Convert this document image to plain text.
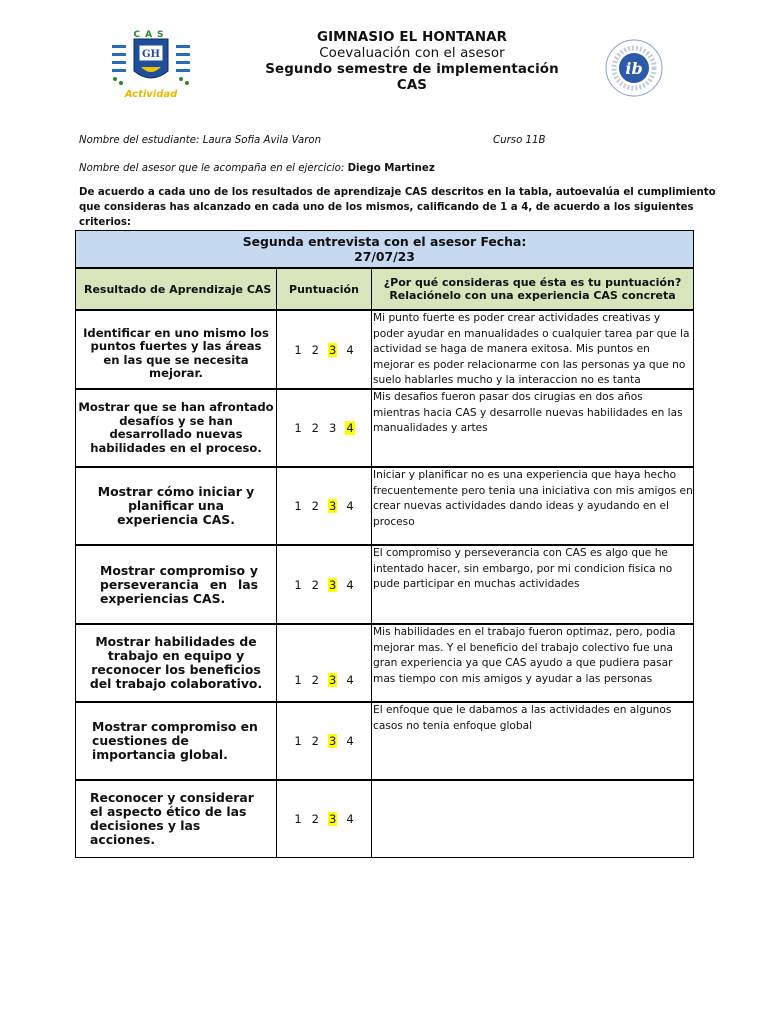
GH
CAS
Actividad
ib
GIMNASIO EL HONTANAR
Coevaluación con el asesor
Segundo semestre de implementación
CAS
Nombre del estudiante: Laura Sofia Avila Varon	Curso 11B
Nombre del asesor que le acompaña en el ejercicio: Diego Martinez
De acuerdo a cada uno de los resultados de aprendizaje CAS descritos en la tabla, autoevalúa el cumplimiento que consideras has alcanzado en cada uno de los mismos, calificando de 1 a 4, de acuerdo a los siguientes criterios:
Segunda entrevista con el asesor Fecha:
27/07/23
Resultado de Aprendizaje CAS Puntuación ¿Por qué consideras que ésta es tu puntuación? Relaciónelo con una experiencia CAS concreta
Identificar en uno mismo los puntos fuertes y las áreas en las que se necesita mejorar.
1 2 3 4
Mi punto fuerte es poder crear actividades creativas y poder ayudar en manualidades o cualquier tarea par que la actividad se haga de manera exitosa. Mis puntos en mejorar es poder relacionarme con las personas ya que no suelo hablarles mucho y la interaccion no es tanta
Mostrar que se han afrontado desafíos y se han desarrollado nuevas habilidades en el proceso.
1 2 3 4
Mis desafios fueron pasar dos cirugias en dos años mientras hacia CAS y desarrolle nuevas habilidades en las manualidades y artes
Mostrar cómo iniciar y planificar una experiencia CAS.
1 2 3 4
Iniciar y planificar no es una experiencia que haya hecho frecuentemente pero tenia una iniciativa con mis amigos en crear nuevas actividades dando ideas y ayudando en el proceso
Mostrar compromiso y perseverancia en las experiencias CAS.
1 2 3 4
El compromiso y perseverancia con CAS es algo que he intentado hacer, sin embargo, por mi condicion fisica no pude participar en muchas actividades
Mostrar habilidades de trabajo en equipo y reconocer los beneficios del trabajo colaborativo.	1 2 3 4
Mis habilidades en el trabajo fueron optimaz, pero, podia mejorar mas. Y el beneficio del trabajo colectivo fue una gran experiencia ya que CAS ayudo a que pudiera pasar mas tiempo con mis amigos y ayudar a las personas
Mostrar compromiso en cuestiones de importancia global.
1 2 3 4
El enfoque que le dabamos a las actividades en algunos casos no tenia enfoque global
Reconocer y considerar el aspecto ético de las decisiones y las acciones.
1 2 3 4
